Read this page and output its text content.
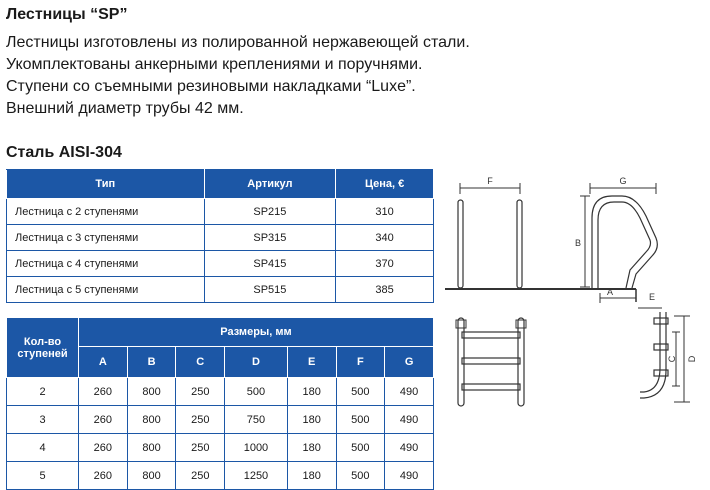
Лестницы “SP”
Лестницы изготовлены из полированной нержавеющей стали.
Укомплектованы анкерными креплениями и поручнями.
Ступени со съемными резиновыми накладками “Luxe”.
Внешний диаметр трубы 42 мм.
Сталь AISI-304
Тип	Артикул	Цена, €
Лестница с 2 ступенями	SP215	310
Лестница с 3 ступенями	SP315	340
Лестница с 4 ступенями	SP415	370
Лестница с 5 ступенями	SP515	385
Кол-во ступеней	Размеры, мм						
	A	B	C	D	E	F	G
2	260	800	250	500	180	500	490
3	260	800	250	750	180	500	490
4	260	800	250	1000	180	500	490
5	260	800	250	1250	180	500	490
F	G
B
A	E
C D
